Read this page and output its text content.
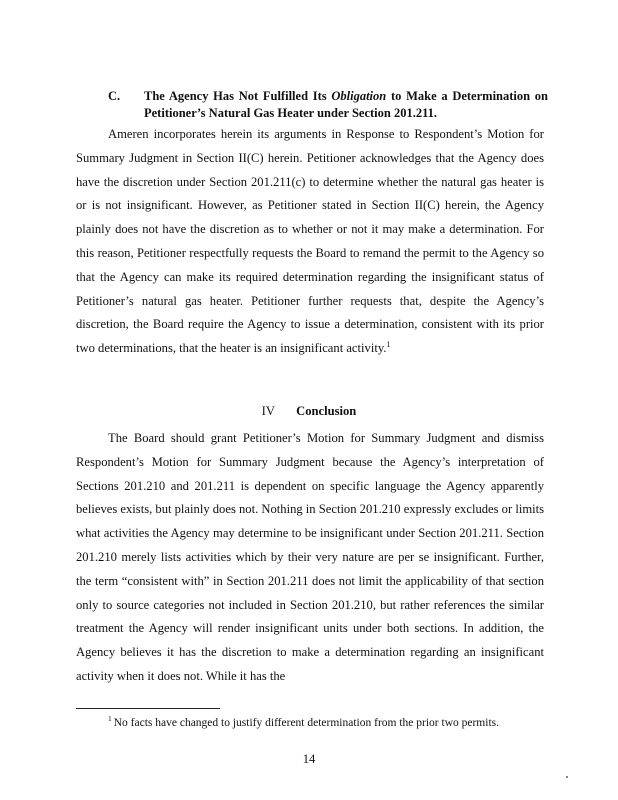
C.	The Agency Has Not Fulfilled Its Obligation to Make a Determination on Petitioner’s Natural Gas Heater under Section 201.211.

Ameren incorporates herein its arguments in Response to Respondent’s Motion for Summary Judgment in Section II(C) herein. Petitioner acknowledges that the Agency does have the discretion under Section 201.211(c) to determine whether the natural gas heater is or is not insignificant. However, as Petitioner stated in Section II(C) herein, the Agency plainly does not have the discretion as to whether or not it may make a determination. For this reason, Petitioner respectfully requests the Board to remand the permit to the Agency so that the Agency can make its required determination regarding the insignificant status of Petitioner’s natural gas heater. Petitioner further requests that, despite the Agency’s discretion, the Board require the Agency to issue a determination, consistent with its prior two determinations, that the heater is an insignificant activity.$^1$

IV Conclusion

The Board should grant Petitioner’s Motion for Summary Judgment and dismiss Respondent’s Motion for Summary Judgment because the Agency’s interpretation of Sections 201.210 and 201.211 is dependent on specific language the Agency apparently believes exists, but plainly does not. Nothing in Section 201.210 expressly excludes or limits what activities the Agency may determine to be insignificant under Section 201.211. Section 201.210 merely lists activities which by their very nature are per se insignificant. Further, the term “consistent with” in Section 201.211 does not limit the applicability of that section only to source categories not included in Section 201.210, but rather references the similar treatment the Agency will render insignificant units under both sections. In addition, the Agency believes it has the discretion to make a determination regarding an insignificant activity when it does not. While it has the

$^1$ No facts have changed to justify different determination from the prior two permits.
14
